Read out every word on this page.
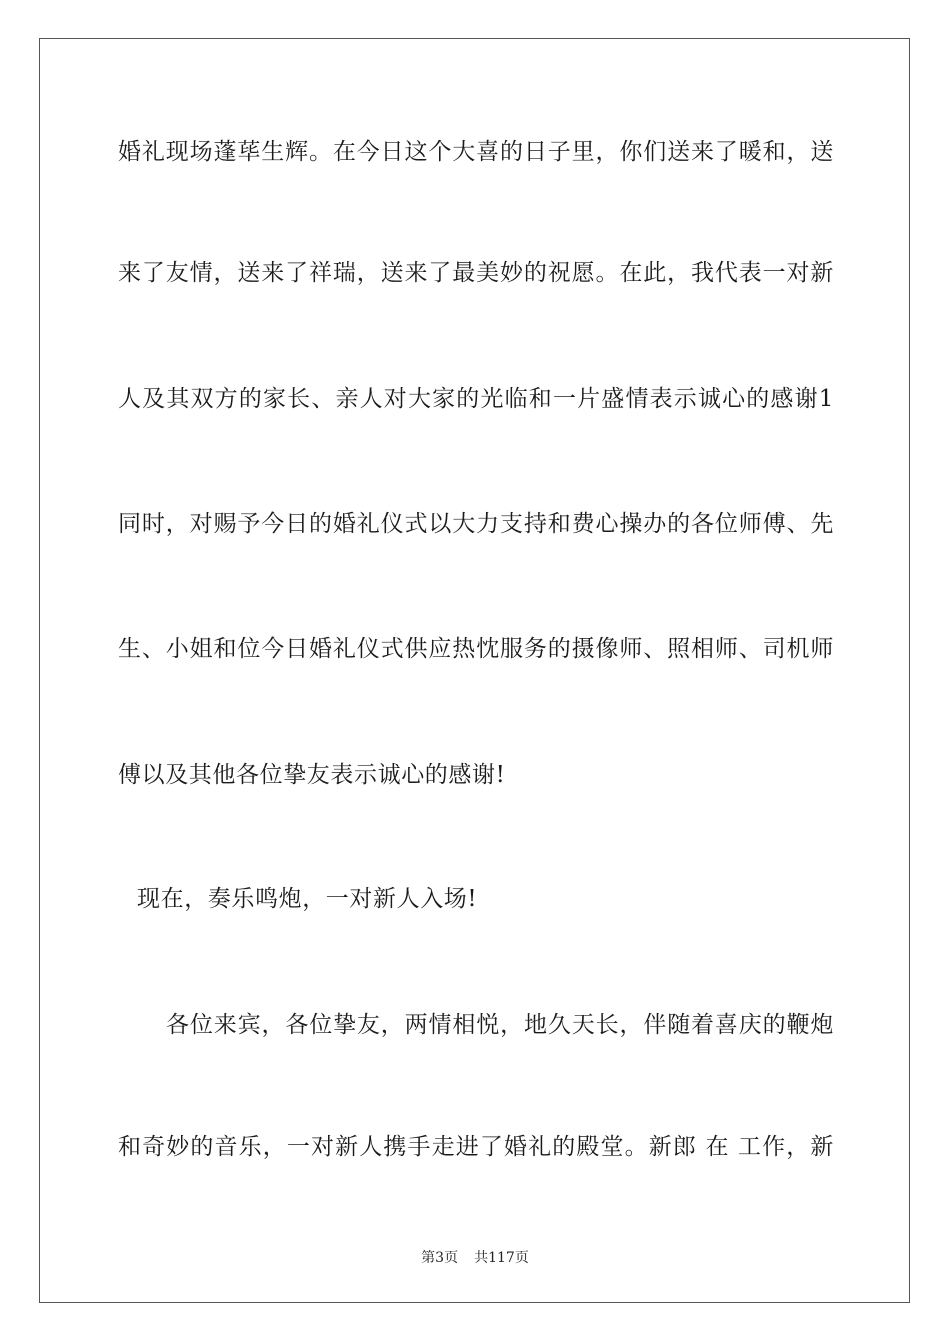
婚礼现场蓬荜生辉。在今日这个大喜的日子里，你们送来了暖和，送
来了友情，送来了祥瑞，送来了最美妙的祝愿。在此，我代表一对新
人及其双方的家长、亲人对大家的光临和一片盛情表示诚心的感谢1
同时，对赐予今日的婚礼仪式以大力支持和费心操办的各位师傅、先
生、小姐和位今日婚礼仪式供应热忱服务的摄像师、照相师、司机师
傅以及其他各位挚友表示诚心的感谢!
现在，奏乐鸣炮，一对新人入场!
各位来宾，各位挚友，两情相悦，地久天长，伴随着喜庆的鞭炮
和奇妙的音乐，一对新人携手走进了婚礼的殿堂。新郎 在 工作，新
第3页 共117页
